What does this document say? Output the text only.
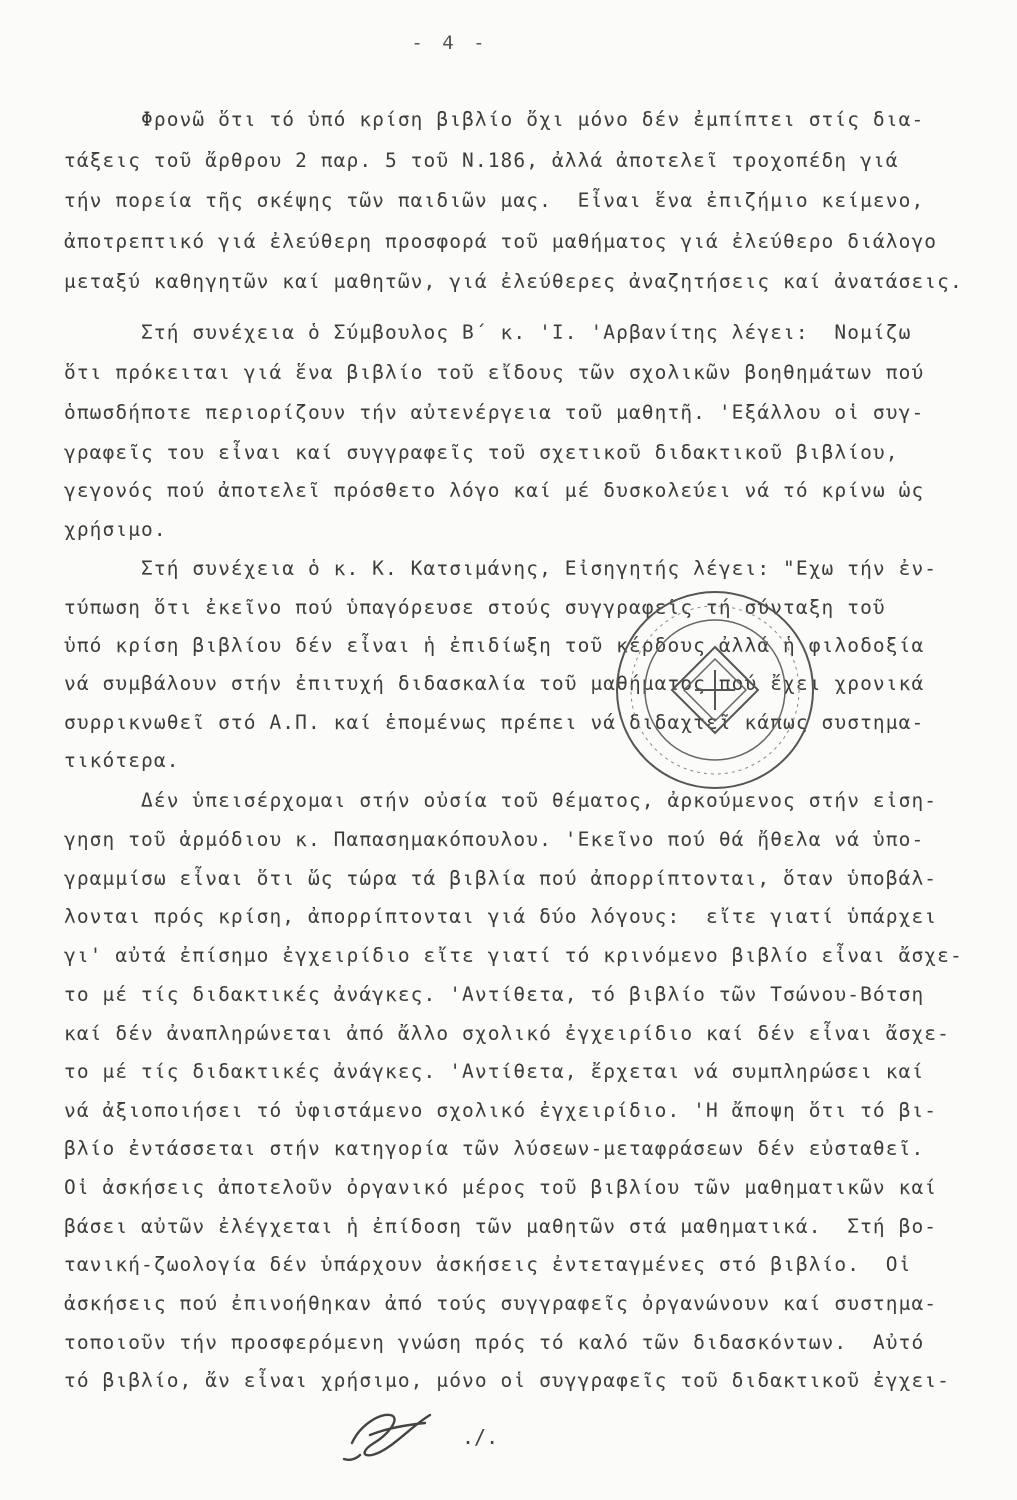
- 4 -
Φρονῶ ὅτι τό ὑπό κρίση βιβλίο ὄχι μόνο δέν ἐμπίπτει στίς δια-
τάξεις τοῦ ἄρθρου 2 παρ. 5 τοῦ Ν.186, ἀλλά ἀποτελεῖ τροχοπέδη γιά
τήν πορεία τῆς σκέψης τῶν παιδιῶν μας.  Εἶναι ἕνα ἐπιζήμιο κείμενο,
ἀποτρεπτικό γιά ἐλεύθερη προσφορά τοῦ μαθήματος γιά ἐλεύθερο διάλογο
μεταξύ καθηγητῶν καί μαθητῶν, γιά ἐλεύθερες ἀναζητήσεις καί ἀνατάσεις.
Στή συνέχεια ὁ Σύμβουλος Β΄ κ. 'Ι. 'Αρβανίτης λέγει:  Νομίζω
ὅτι πρόκειται γιά ἕνα βιβλίο τοῦ εἴδους τῶν σχολικῶν βοηθημάτων πού
ὁπωσδήποτε περιορίζουν τήν αὐτενέργεια τοῦ μαθητῆ. 'Εξάλλου οἱ συγ-
γραφεῖς του εἶναι καί συγγραφεῖς τοῦ σχετικοῦ διδακτικοῦ βιβλίου,
γεγονός πού ἀποτελεῖ πρόσθετο λόγο καί μέ δυσκολεύει νά τό κρίνω ὡς
χρήσιμο.
Στή συνέχεια ὁ κ. Κ. Κατσιμάνης, Εἰσηγητής λέγει: "Εχω τήν ἐν-
τύπωση ὅτι ἐκεῖνο πού ὑπαγόρευσε στούς συγγραφεῖς τή σύνταξη τοῦ
ὑπό κρίση βιβλίου δέν εἶναι ἡ ἐπιδίωξη τοῦ κέρδους ἀλλά ἡ φιλοδοξία
νά συμβάλουν στήν ἐπιτυχή διδασκαλία τοῦ μαθήματος πού ἔχει χρονικά
συρρικνωθεῖ στό Α.Π. καί ἑπομένως πρέπει νά διδαχτεῖ κάπως συστημα-
τικότερα.
Δέν ὑπεισέρχομαι στήν οὐσία τοῦ θέματος, ἀρκούμενος στήν εἰση-
γηση τοῦ ἁρμόδιου κ. Παπασημακόπουλου. 'Εκεῖνο πού θά ἤθελα νά ὑπο-
γραμμίσω εἶναι ὅτι ὥς τώρα τά βιβλία πού ἀπορρίπτονται, ὅταν ὑποβάλ-
λονται πρός κρίση, ἀπορρίπτονται γιά δύο λόγους:  εἴτε γιατί ὑπάρχει
γι' αὐτά ἐπίσημο ἐγχειρίδιο εἴτε γιατί τό κρινόμενο βιβλίο εἶναι ἄσχε-
το μέ τίς διδακτικές ἀνάγκες. 'Αντίθετα, τό βιβλίο τῶν Τσώνου-Βότση
καί δέν ἀναπληρώνεται ἀπό ἄλλο σχολικό ἐγχειρίδιο καί δέν εἶναι ἄσχε-
το μέ τίς διδακτικές ἀνάγκες. 'Αντίθετα, ἔρχεται νά συμπληρώσει καί
νά ἀξιοποιήσει τό ὑφιστάμενο σχολικό ἐγχειρίδιο. 'Η ἄποψη ὅτι τό βι-
βλίο ἐντάσσεται στήν κατηγορία τῶν λύσεων-μεταφράσεων δέν εὐσταθεῖ.
Οἱ ἀσκήσεις ἀποτελοῦν ὀργανικό μέρος τοῦ βιβλίου τῶν μαθηματικῶν καί
βάσει αὐτῶν ἐλέγχεται ἡ ἐπίδοση τῶν μαθητῶν στά μαθηματικά.  Στή βο-
τανική-ζωολογία δέν ὑπάρχουν ἀσκήσεις ἐντεταγμένες στό βιβλίο.  Οἱ
ἀσκήσεις πού ἐπινοήθηκαν ἀπό τούς συγγραφεῖς ὀργανώνουν καί συστημα-
τοποιοῦν τήν προσφερόμενη γνώση πρός τό καλό τῶν διδασκόντων.  Αὐτό
τό βιβλίο, ἄν εἶναι χρήσιμο, μόνο οἱ συγγραφεῖς τοῦ διδακτικοῦ ἐγχει-
./.
